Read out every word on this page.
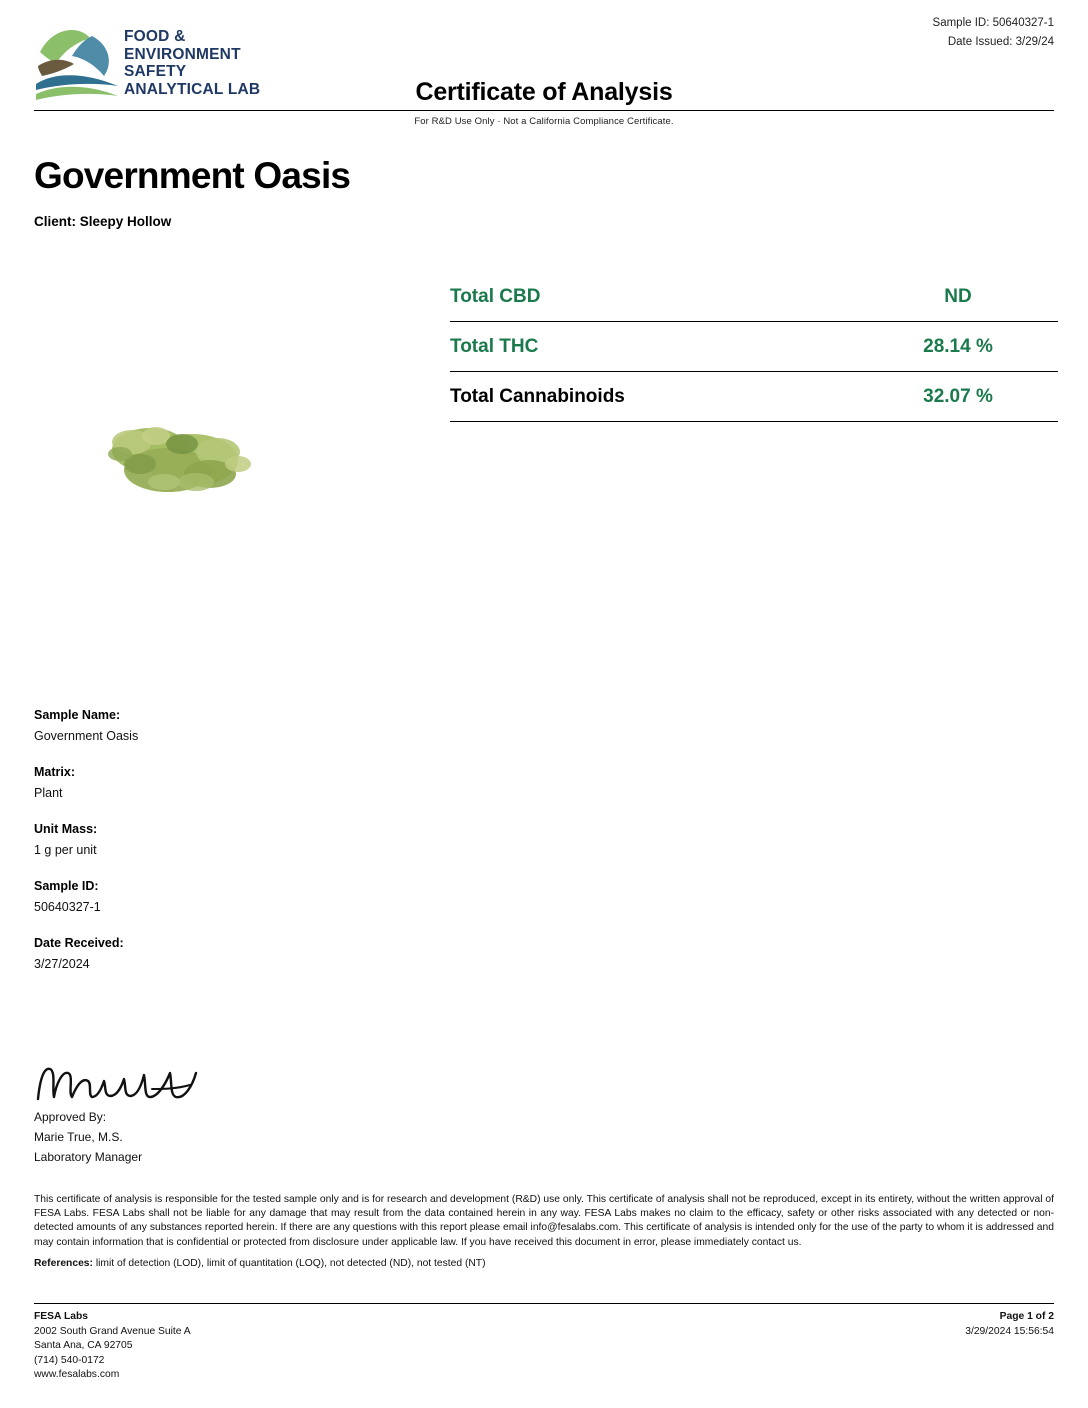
FOOD &
ENVIRONMENT
SAFETY
ANALYTICAL LAB
Sample ID: 50640327-1
Date Issued: 3/29/24
Certificate of Analysis
For R&D Use Only · Not a California Compliance Certificate.
Government Oasis
Client: Sleepy Hollow
Total CBD	ND
Total THC	28.14 %
Total Cannabinoids	32.07 %
Sample Name:
Government Oasis
Matrix:
Plant
Unit Mass:
1 g per unit
Sample ID:
50640327-1
Date Received:
3/27/2024
Approved By:
Marie True, M.S.
Laboratory Manager

This certificate of analysis is responsible for the tested sample only and is for research and development (R&D) use only. This certificate of analysis shall not be reproduced, except in its entirety, without the written approval of FESA Labs. FESA Labs shall not be liable for any damage that may result from the data contained herein in any way. FESA Labs makes no claim to the efficacy, safety or other risks associated with any detected or non-detected amounts of any substances reported herein. If there are any questions with this report please email info@fesalabs.com. This certificate of analysis is intended only for the use of the party to whom it is addressed and may contain information that is confidential or protected from disclosure under applicable law. If you have received this document in error, please immediately contact us.

References: limit of detection (LOD), limit of quantitation (LOQ), not detected (ND), not tested (NT)
FESA Labs
2002 South Grand Avenue Suite A
Santa Ana, CA 92705
(714) 540-0172
www.fesalabs.com
Page 1 of 2
3/29/2024 15:56:54
